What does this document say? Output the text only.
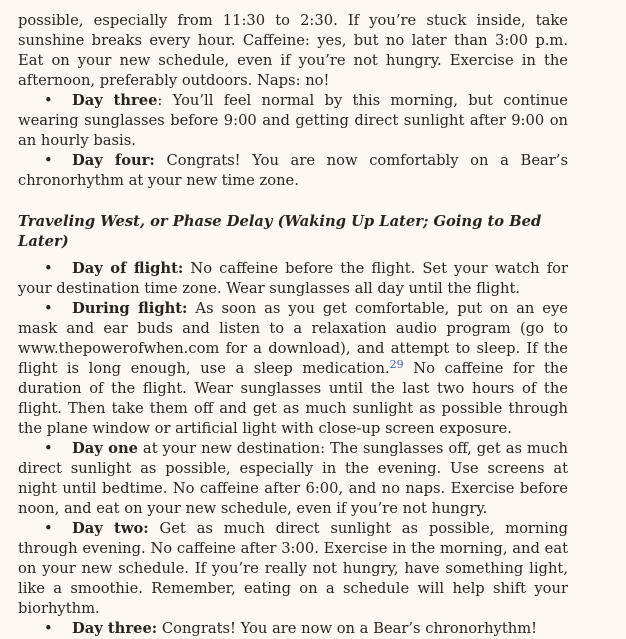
possible, especially from 11:30 to 2:30. If you’re stuck inside, take sunshine breaks every hour. Caffeine: yes, but no later than 3:00 p.m. Eat on your new schedule, even if you’re not hungry. Exercise in the afternoon, preferably outdoors. Naps: no!

• Day three: You’ll feel normal by this morning, but continue wearing sunglasses before 9:00 and getting direct sunlight after 9:00 on an hourly basis.

• Day four: Congrats! You are now comfortably on a Bear’s chronorhythm at your new time zone.

Traveling West, or Phase Delay (Waking Up Later; Going to Bed Later)

• Day of flight: No caffeine before the flight. Set your watch for your destination time zone. Wear sunglasses all day until the flight.

• During flight: As soon as you get comfortable, put on an eye mask and ear buds and listen to a relaxation audio program (go to www.thepowerofwhen.com for a download), and attempt to sleep. If the flight is long enough, use a sleep medication.$^{29}$ No caffeine for the duration of the flight. Wear sunglasses until the last two hours of the flight. Then take them off and get as much sunlight as possible through the plane window or artificial light with close-up screen exposure.

• Day one at your new destination: The sunglasses off, get as much direct sunlight as possible, especially in the evening. Use screens at night until bedtime. No caffeine after 6:00, and no naps. Exercise before noon, and eat on your new schedule, even if you’re not hungry.

• Day two: Get as much direct sunlight as possible, morning through evening. No caffeine after 3:00. Exercise in the morning, and eat on your new schedule. If you’re really not hungry, have something light, like a smoothie. Remember, eating on a schedule will help shift your biorhythm.

• Day three: Congrats! You are now on a Bear’s chronorhythm!
